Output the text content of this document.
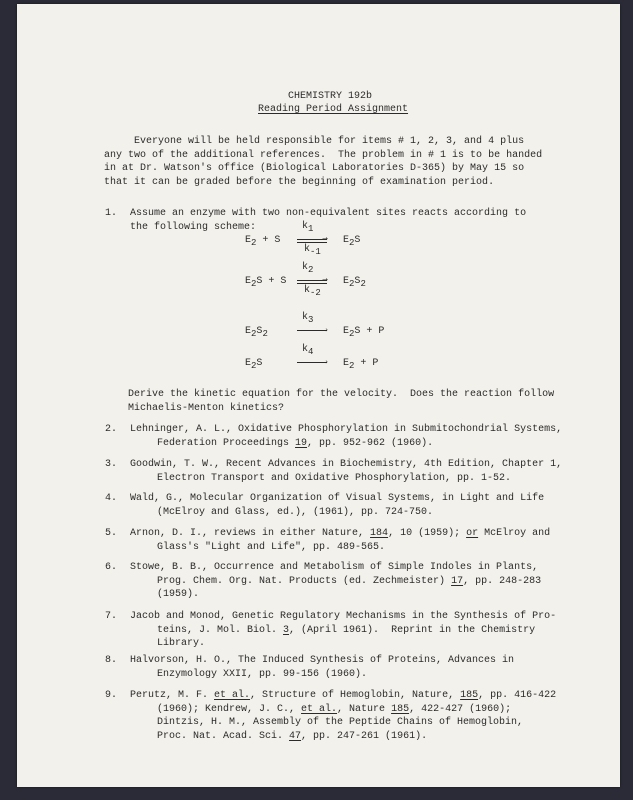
CHEMISTRY 192b
Reading Period Assignment
Everyone will be held responsible for items # 1, 2, 3, and 4 plus
any two of the additional references.  The problem in # 1 is to be handed
in at Dr. Watson's office (Biological Laboratories D-365) by May 15 so
that it can be graded before the beginning of examination period.
1. Assume an enzyme with two non-equivalent sites reacts according to
the following scheme:
$E_2 + S$	$E_2S$
$k_1$
⇀
$k_{-1}$
$E_2S + S$	$E_2S_2$
$k_2$
⇀
$k_{-2}$
$E_2S_2$	$E_2S + P$
$k_3$
›
$E_2S$	$E_2 + P$
$k_4$
›
Derive the kinetic equation for the velocity.  Does the reaction follow
Michaelis-Menton kinetics?
2. Lehninger, A. L., Oxidative Phosphorylation in Submitochondrial Systems,
Federation Proceedings 19, pp. 952-962 (1960).
3. Goodwin, T. W., Recent Advances in Biochemistry, 4th Edition, Chapter 1,
Electron Transport and Oxidative Phosphorylation, pp. 1-52.
4. Wald, G., Molecular Organization of Visual Systems, in Light and Life
(McElroy and Glass, ed.), (1961), pp. 724-750.
5. Arnon, D. I., reviews in either Nature, 184, 10 (1959); or McElroy and
Glass's "Light and Life", pp. 489-565.
6. Stowe, B. B., Occurrence and Metabolism of Simple Indoles in Plants,
Prog. Chem. Org. Nat. Products (ed. Zechmeister) 17, pp. 248-283
(1959).
7. Jacob and Monod, Genetic Regulatory Mechanisms in the Synthesis of Pro-
teins, J. Mol. Biol. 3, (April 1961).  Reprint in the Chemistry
Library.
8. Halvorson, H. O., The Induced Synthesis of Proteins, Advances in
Enzymology XXII, pp. 99-156 (1960).
9. Perutz, M. F. et al., Structure of Hemoglobin, Nature, 185, pp. 416-422
(1960); Kendrew, J. C., et al., Nature 185, 422-427 (1960);
Dintzis, H. M., Assembly of the Peptide Chains of Hemoglobin,
Proc. Nat. Acad. Sci. 47, pp. 247-261 (1961).
